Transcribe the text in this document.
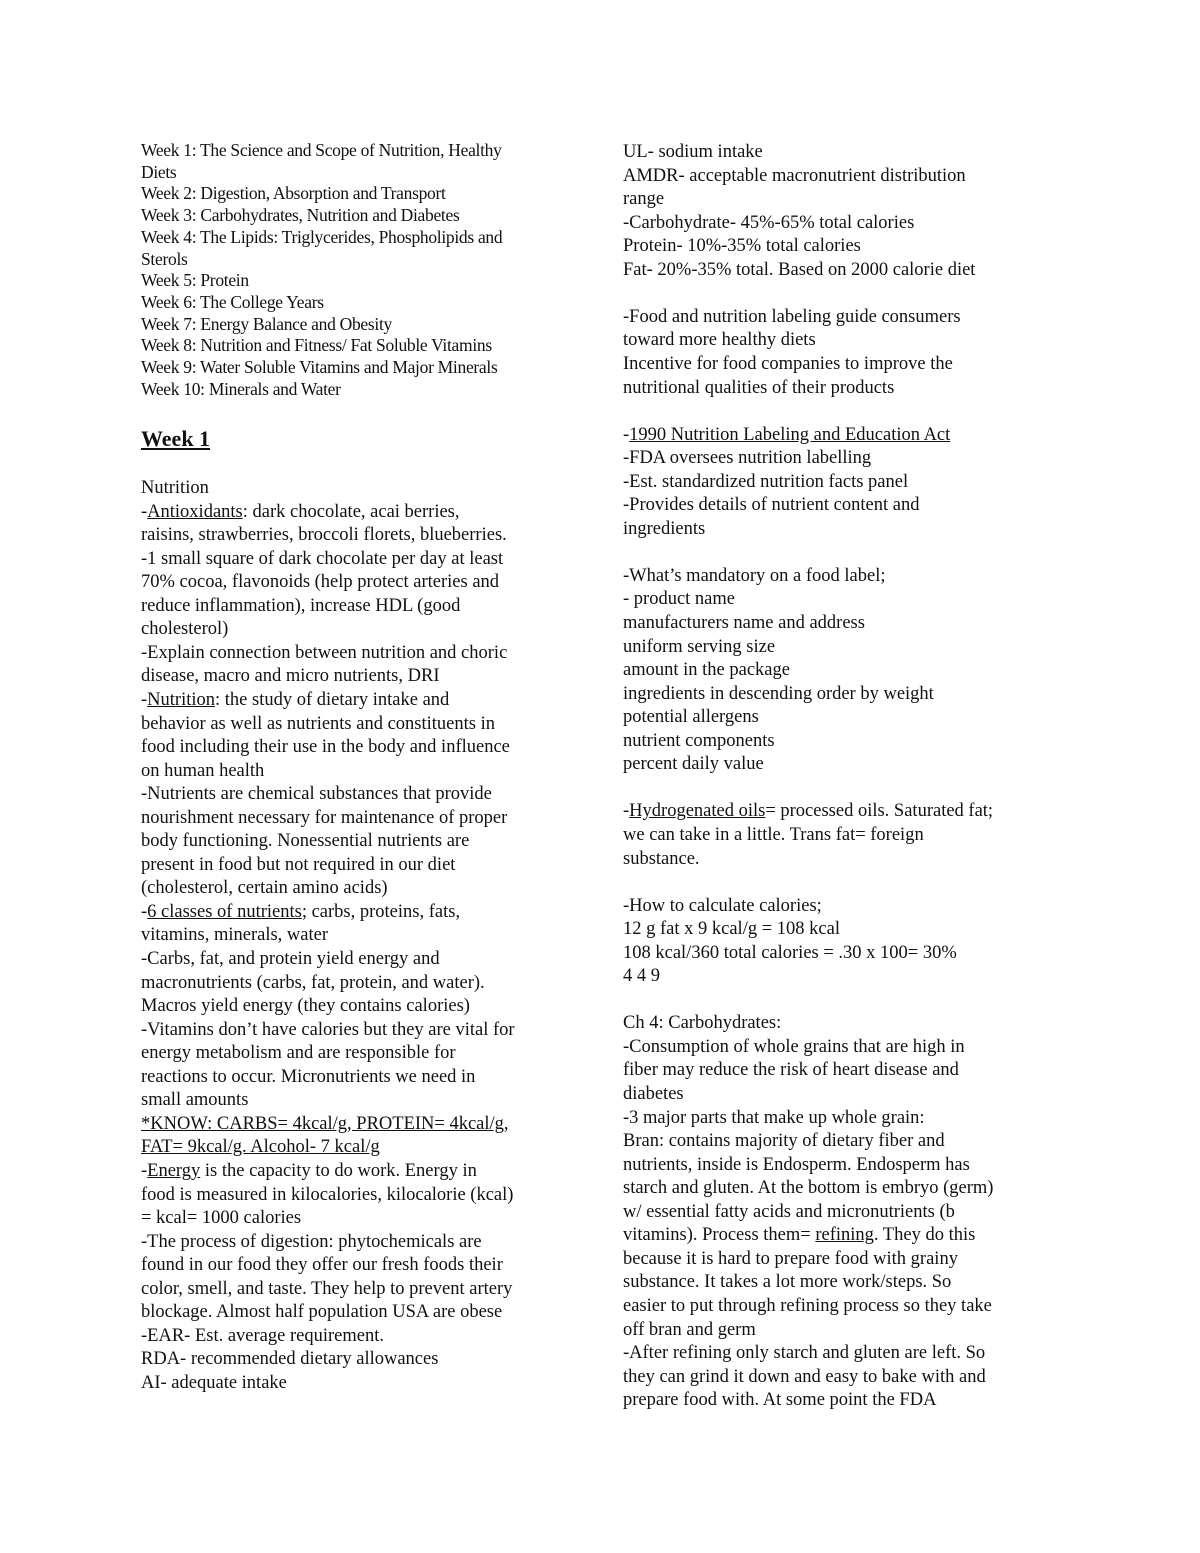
Week 1: The Science and Scope of Nutrition, Healthy
Diets
Week 2: Digestion, Absorption and Transport
Week 3: Carbohydrates, Nutrition and Diabetes
Week 4: The Lipids: Triglycerides, Phospholipids and
Sterols
Week 5: Protein
Week 6: The College Years
Week 7: Energy Balance and Obesity
Week 8: Nutrition and Fitness/ Fat Soluble Vitamins
Week 9: Water Soluble Vitamins and Major Minerals
Week 10: Minerals and Water
Week 1
Nutrition
-Antioxidants: dark chocolate, acai berries,
raisins, strawberries, broccoli florets, blueberries.
-1 small square of dark chocolate per day at least
70% cocoa, flavonoids (help protect arteries and
reduce inflammation), increase HDL (good
cholesterol)
-Explain connection between nutrition and choric
disease, macro and micro nutrients, DRI
-Nutrition: the study of dietary intake and
behavior as well as nutrients and constituents in
food including their use in the body and influence
on human health
-Nutrients are chemical substances that provide
nourishment necessary for maintenance of proper
body functioning. Nonessential nutrients are
present in food but not required in our diet
(cholesterol, certain amino acids)
-6 classes of nutrients; carbs, proteins, fats,
vitamins, minerals, water
-Carbs, fat, and protein yield energy and
macronutrients (carbs, fat, protein, and water).
Macros yield energy (they contains calories)
-Vitamins don’t have calories but they are vital for
energy metabolism and are responsible for
reactions to occur. Micronutrients we need in
small amounts
*KNOW: CARBS= 4kcal/g, PROTEIN= 4kcal/g,
FAT= 9kcal/g. Alcohol- 7 kcal/g
-Energy is the capacity to do work. Energy in
food is measured in kilocalories, kilocalorie (kcal)
= kcal= 1000 calories
-The process of digestion: phytochemicals are
found in our food they offer our fresh foods their
color, smell, and taste. They help to prevent artery
blockage. Almost half population USA are obese
-EAR- Est. average requirement.
RDA- recommended dietary allowances
AI- adequate intake
UL- sodium intake
AMDR- acceptable macronutrient distribution
range
-Carbohydrate- 45%-65% total calories
Protein- 10%-35% total calories
Fat- 20%-35% total. Based on 2000 calorie diet
-Food and nutrition labeling guide consumers
toward more healthy diets
Incentive for food companies to improve the
nutritional qualities of their products
-1990 Nutrition Labeling and Education Act
-FDA oversees nutrition labelling
-Est. standardized nutrition facts panel
-Provides details of nutrient content and
ingredients
-What’s mandatory on a food label;
- product name
manufacturers name and address
uniform serving size
amount in the package
ingredients in descending order by weight
potential allergens
nutrient components
percent daily value
-Hydrogenated oils= processed oils. Saturated fat;
we can take in a little. Trans fat= foreign
substance.
-How to calculate calories;
12 g fat x 9 kcal/g = 108 kcal
108 kcal/360 total calories = .30 x 100= 30%
4 4 9
Ch 4: Carbohydrates:
-Consumption of whole grains that are high in
fiber may reduce the risk of heart disease and
diabetes
-3 major parts that make up whole grain:
Bran: contains majority of dietary fiber and
nutrients, inside is Endosperm. Endosperm has
starch and gluten. At the bottom is embryo (germ)
w/ essential fatty acids and micronutrients (b
vitamins). Process them= refining. They do this
because it is hard to prepare food with grainy
substance. It takes a lot more work/steps. So
easier to put through refining process so they take
off bran and germ
-After refining only starch and gluten are left. So
they can grind it down and easy to bake with and
prepare food with. At some point the FDA
